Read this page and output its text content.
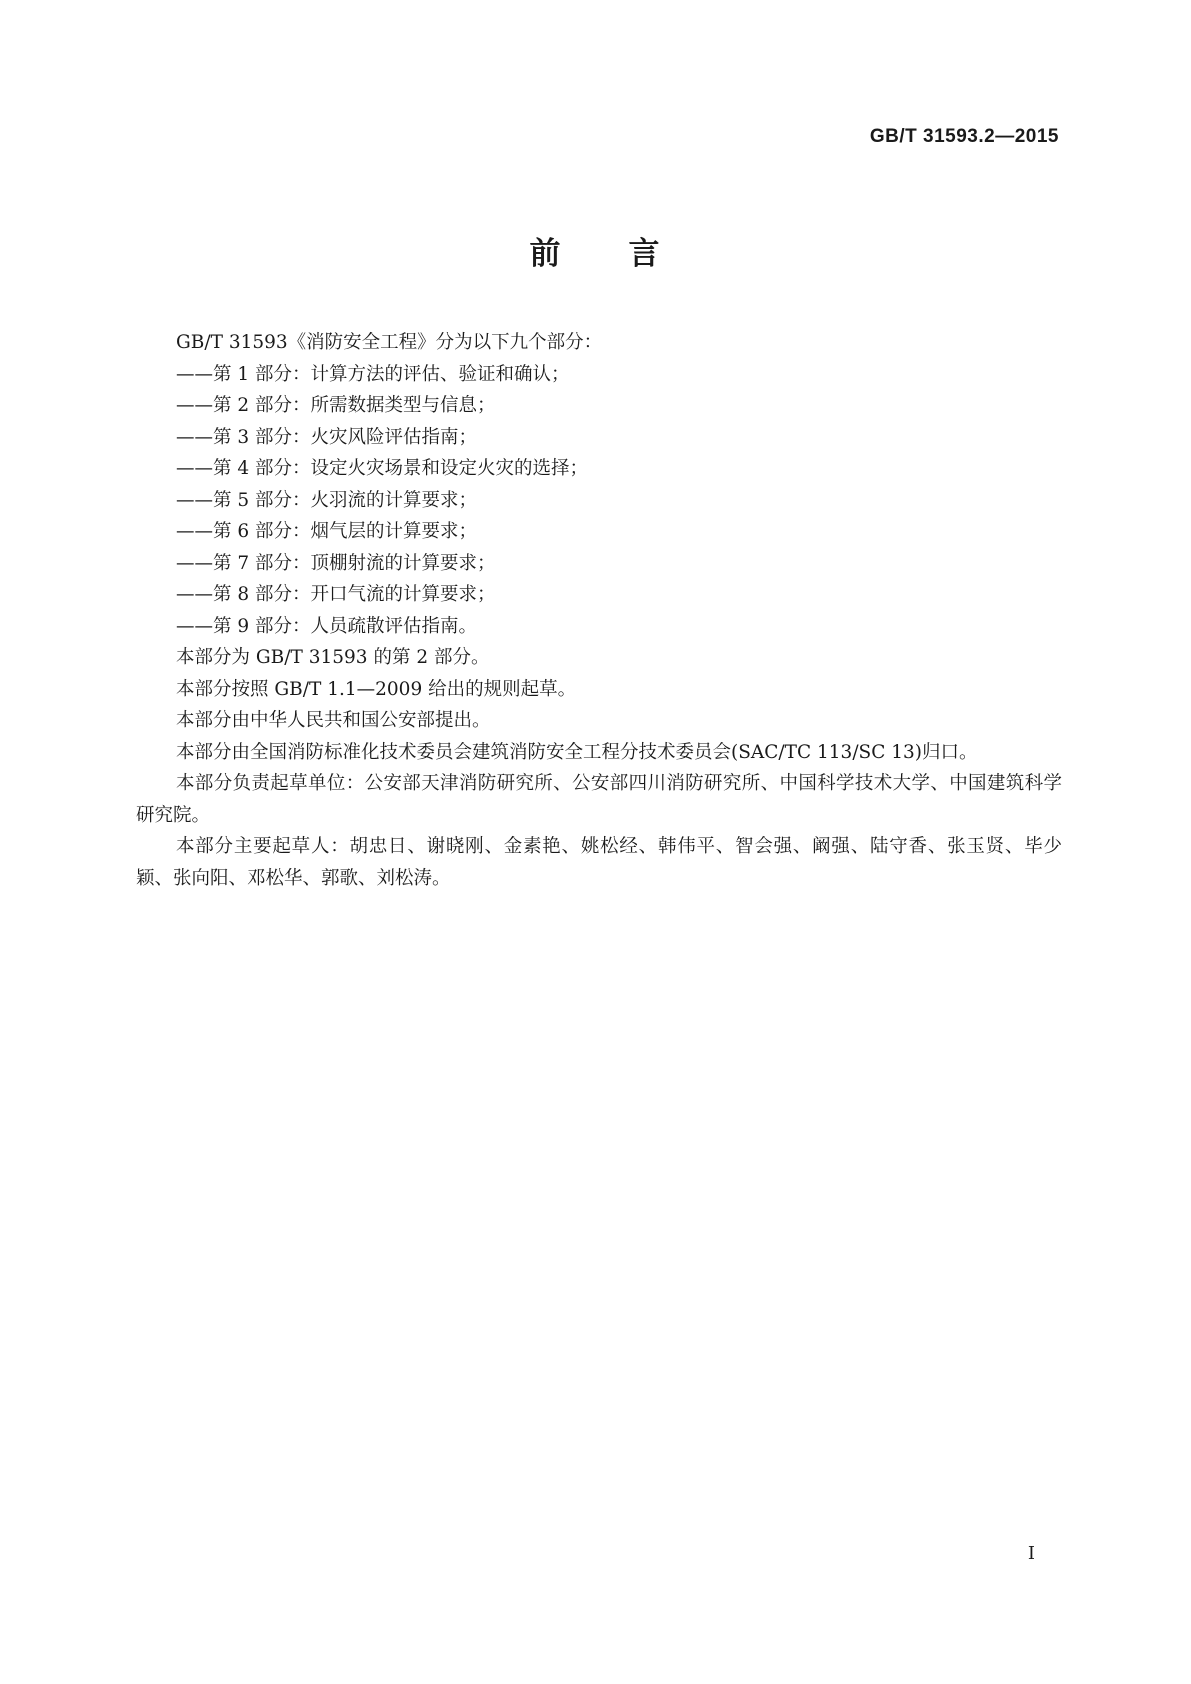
GB/T 31593.2—2015
前　　言

GB/T 31593《消防安全工程》分为以下九个部分：

——第 1 部分：计算方法的评估、验证和确认；

——第 2 部分：所需数据类型与信息；

——第 3 部分：火灾风险评估指南；

——第 4 部分：设定火灾场景和设定火灾的选择；

——第 5 部分：火羽流的计算要求；

——第 6 部分：烟气层的计算要求；

——第 7 部分：顶棚射流的计算要求；

——第 8 部分：开口气流的计算要求；

——第 9 部分：人员疏散评估指南。

本部分为 GB/T 31593 的第 2 部分。

本部分按照 GB/T 1.1—2009 给出的规则起草。

本部分由中华人民共和国公安部提出。

本部分由全国消防标准化技术委员会建筑消防安全工程分技术委员会(SAC/TC 113/SC 13)归口。

本部分负责起草单位：公安部天津消防研究所、公安部四川消防研究所、中国科学技术大学、中国建筑科学研究院。

本部分主要起草人：胡忠日、谢晓刚、金素艳、姚松经、韩伟平、智会强、阚强、陆守香、张玉贤、毕少颖、张向阳、邓松华、郭歌、刘松涛。

I
